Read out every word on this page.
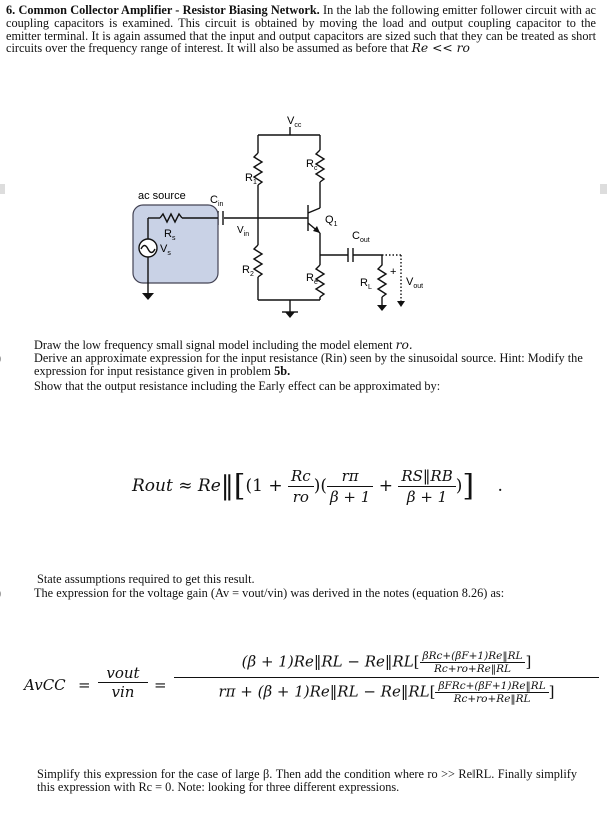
6. Common Collector Amplifier - Resistor Biasing Network. In the lab the following emitter follower circuit with ac coupling capacitors is examined. This circuit is obtained by moving the load and output coupling capacitor to the emitter terminal. It is again assumed that the input and output capacitors are sized such that they can be treated as short circuits over the frequency range of interest. It will also be assumed as before that Re << ro
$V_{cc}$
$R_1$
$R_c$
$Q_1$
$R_2$	$R_e$	$R_L$
$C_{out}$
+
$V_{out}$
$C_{in}$
$V_{in}$
ac source
$R_s$
$V_s$
Draw the low frequency small signal model including the model element ro.
Derive an approximate expression for the input resistance (Rin) seen by the sinusoidal source. Hint: Modify the expression for input resistance given in problem 5b.
Show that the output resistance including the Early effect can be approximated by:
Rout ≈ Re‖[(1 + $\frac{Rc}{ro}$ )( $\frac{r\pi}{\beta + 1} + \frac{RS‖RB}{\beta + 1}$ )] .
State assumptions required to get this result.
The expression for the voltage gain (Av = vout/vin) was derived in the notes (equation 8.26) as:
AvCC =
vout
vin	=
(β + 1)Re‖RL − Re‖RL[ βRc+(βF+1)Re‖RL
Rc+ro+Re‖RL ]
rπ + (β + 1)Re‖RL − Re‖RL[ βFRc+(βF+1)Re‖RL
Rc+ro+Re‖RL	]
Simplify this expression for the case of large β. Then add the condition where ro >> Re‖RL. Finally simplify this expression with Rc = 0. Note: looking for three different expressions.
